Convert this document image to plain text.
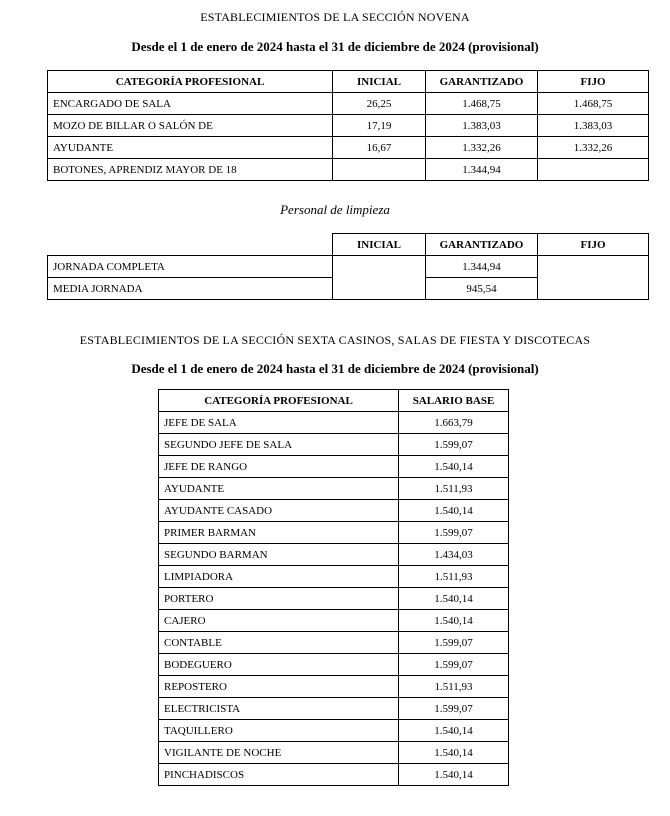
ESTABLECIMIENTOS DE LA SECCIÓN NOVENA
Desde el 1 de enero de 2024 hasta el 31 de diciembre de 2024 (provisional)
CATEGORÍA PROFESIONAL	INICIAL	GARANTIZADO	FIJO
ENCARGADO DE SALA	26,25	1.468,75	1.468,75
MOZO DE BILLAR O SALÓN DE	17,19	1.383,03	1.383,03
AYUDANTE	16,67	1.332,26	1.332,26
BOTONES, APRENDIZ MAYOR DE 18		1.344,94	
Personal de limpieza
	INICIAL	GARANTIZADO	FIJO
JORNADA COMPLETA		1.344,94	
MEDIA JORNADA		945,54	
ESTABLECIMIENTOS DE LA SECCIÓN SEXTA CASINOS, SALAS DE FIESTA Y DISCOTECAS
Desde el 1 de enero de 2024 hasta el 31 de diciembre de 2024 (provisional)
CATEGORÍA PROFESIONAL	SALARIO BASE
JEFE DE SALA	1.663,79
SEGUNDO JEFE DE SALA	1.599,07
JEFE DE RANGO	1.540,14
AYUDANTE	1.511,93
AYUDANTE CASADO	1.540,14
PRIMER BARMAN	1.599,07
SEGUNDO BARMAN	1.434,03
LIMPIADORA	1.511,93
PORTERO	1.540,14
CAJERO	1.540,14
CONTABLE	1.599,07
BODEGUERO	1.599,07
REPOSTERO	1.511,93
ELECTRICISTA	1.599,07
TAQUILLERO	1.540,14
VIGILANTE DE NOCHE	1.540,14
PINCHADISCOS	1.540,14
